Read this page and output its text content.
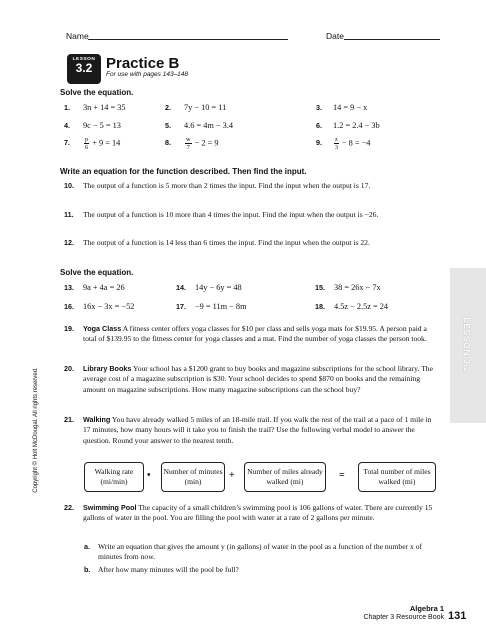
Name	Date
LESSON
3.2 Practice B
For use with pages 143–148
Solve the equation.
1. 3n + 14 = 35	2. 7y − 10 = 11	3. 14 = 9 − x
4. 9c − 5 = 13	5. 4.6 = 4m − 3.4	6. 1.2 = 2.4 − 3b
7. $\frac{p}{6} + 9 = 14$	8. $\frac{w}{7} - 2 = 9$	9. $\frac{z}{3} - 8 = -4$
Write an equation for the function described. Then find the input.
10.	The output of a function is 5 more than 2 times the input. Find the input when the output is 17.
11.	The output of a function is 10 more than 4 times the input. Find the input when the output is −26.
12.	The output of a function is 14 less than 6 times the input. Find the input when the output is 22.
Solve the equation.
13. 9a + 4a = 26	14. 14y − 6y = 48	15. 38 = 26x − 7x
16. 16x − 3x = −52	17. −9 = 11m − 8m	18. 4.5z − 2.5z = 24
19.	Yoga Class A fitness center offers yoga classes for $10 per class and sells yoga mats for $19.95. A person paid a total of $139.95 to the fitness center for yoga classes and a mat. Find the number of yoga classes the person took.
20.	Library Books Your school has a $1200 grant to buy books and magazine subscriptions for the school library. The average cost of a magazine subscription is $30. Your school decides to spend $870 on books and the remaining amount on magazine subscriptions. How many magazine subscriptions can the school buy?
21.	Walking You have already walked 5 miles of an 18-mile trail. If you walk the rest of the trail at a pace of 1 mile in 17 minutes, how many hours will it take you to finish the trail? Use the following verbal model to answer the question. Round your answer to the nearest tenth.
Walking rate (mi/min)
•	Number of minutes (min)
+	Number of miles already walked (mi)
=	Total number of miles walked (mi)
22.	Swimming Pool The capacity of a small children’s swimming pool is 106 gallons of water. There are currently 15 gallons of water in the pool. You are filling the pool with water at a rate of 2 gallons per minute.
a.	Write an equation that gives the amount y (in gallons) of water in the pool as a function of the number x of minutes from now.
b.	After how many minutes will the pool be full?
LESSON 3.2
Copyright © Holt McDougal. All rights reserved.
Algebra 1
Chapter 3 Resource Book 131
